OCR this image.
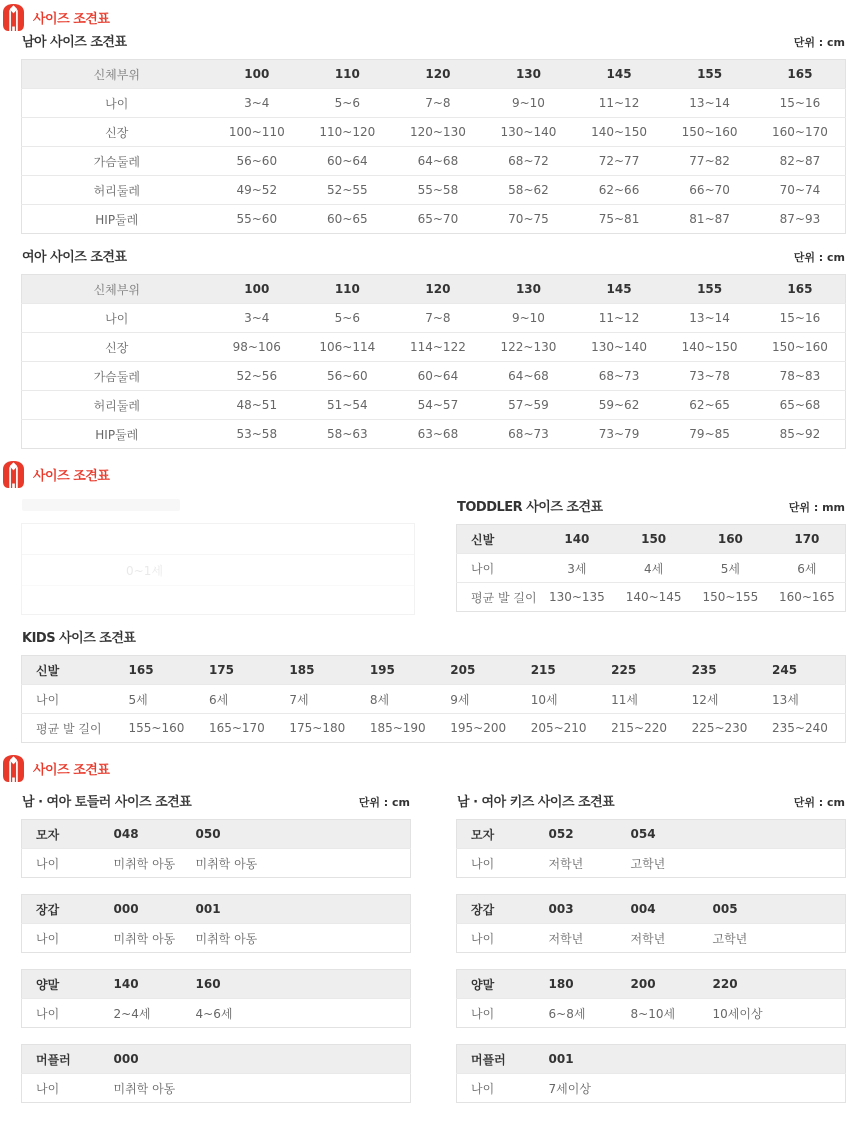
사이즈 조견표
남아 사이즈 조견표	단위 : cm
신체부위	100	110	120	130	145	155	165
나이	3~4	5~6	7~8	9~10	11~12	13~14	15~16
신장	100~110	110~120	120~130	130~140	140~150	150~160	160~170
가슴둘레	56~60	60~64	64~68	68~72	72~77	77~82	82~87
허리둘레	49~52	52~55	55~58	58~62	62~66	66~70	70~74
HIP둘레	55~60	60~65	65~70	70~75	75~81	81~87	87~93
여아 사이즈 조견표	단위 : cm
신체부위	100	110	120	130	145	155	165
나이	3~4	5~6	7~8	9~10	11~12	13~14	15~16
신장	98~106	106~114	114~122	122~130	130~140	140~150	150~160
가슴둘레	52~56	56~60	60~64	64~68	68~73	73~78	78~83
허리둘레	48~51	51~54	54~57	57~59	59~62	62~65	65~68
HIP둘레	53~58	58~63	63~68	68~73	73~79	79~85	85~92
사이즈 조견표
0~1세
TODDLER 사이즈 조견표	단위 : mm
신발	140	150	160	170
나이	3세	4세	5세	6세
평균 발 길이	130~135	140~145	150~155	160~165
KIDS 사이즈 조견표
신발	165	175	185	195	205	215	225	235	245
나이	5세	6세	7세	8세	9세	10세	11세	12세	13세
평균 발 길이	155~160	165~170	175~180	185~190	195~200	205~210	215~220	225~230	235~240
사이즈 조견표
남 · 여아 토들러 사이즈 조견표	단위 : cm
모자	048	050	
나이	미취학 아동	미취학 아동	
장갑	000	001	
나이	미취학 아동	미취학 아동	
양말	140	160	
나이	2~4세	4~6세	
머플러	000	
나이	미취학 아동	
남 · 여아 키즈 사이즈 조견표	단위 : cm
모자	052	054	
나이	저학년	고학년	
장갑	003	004	005	
나이	저학년	저학년	고학년	
양말	180	200	220	
나이	6~8세	8~10세	10세이상	
머플러	001	
나이	7세이상	
